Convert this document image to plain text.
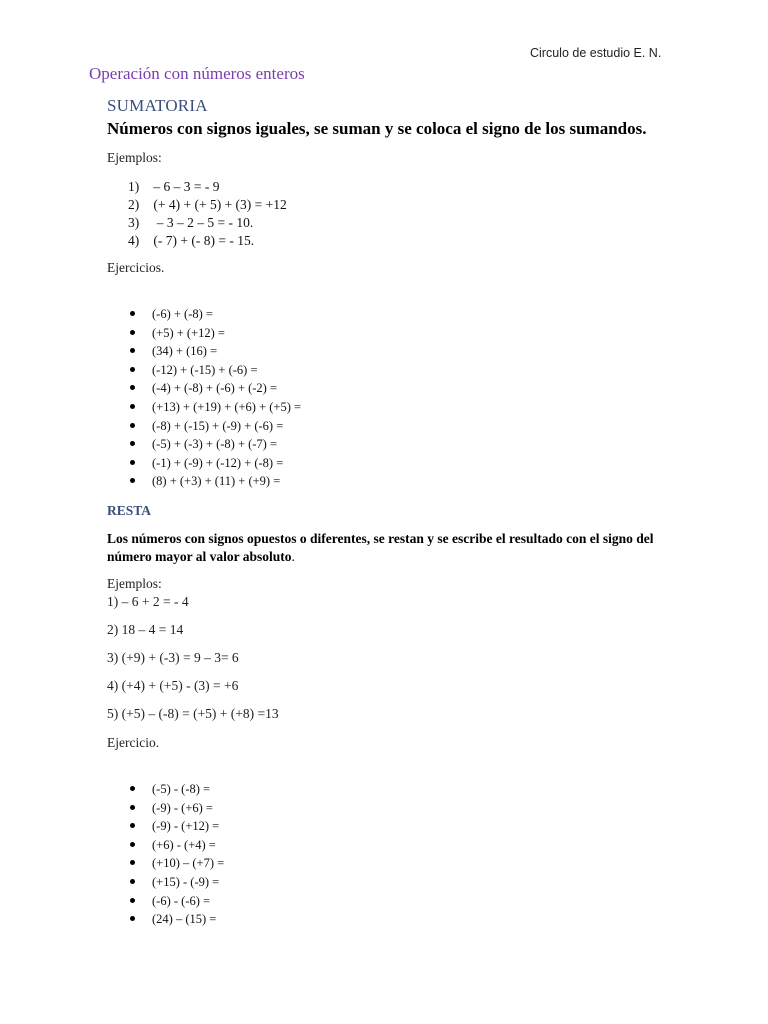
Circulo de estudio E. N.
Operación con números enteros
SUMATORIA
Números con signos iguales, se suman y se coloca el signo de los sumandos.
Ejemplos:
1) – 6 – 3 = - 9
2) (+ 4) + (+ 5) + (3) = +12
3)  – 3 – 2 – 5 = - 10.
4) (- 7) + (- 8) = - 15.
Ejercicios.
(-6) + (-8) =
(+5) + (+12) =
(34) + (16) =
(-12) + (-15) + (-6) =
(-4) + (-8) + (-6) + (-2) =
(+13) + (+19) + (+6) + (+5) =
(-8) + (-15) + (-9) + (-6) =
(-5) + (-3) + (-8) + (-7) =
(-1) + (-9) + (-12) + (-8) =
(8) + (+3) + (11) + (+9) =
RESTA
Los números con signos opuestos o diferentes, se restan y se escribe el resultado con el signo del número mayor al valor absoluto.
Ejemplos:
1) – 6 + 2 = - 4
2) 18 – 4 = 14
3) (+9) + (-3) = 9 – 3= 6
4) (+4) + (+5) - (3) = +6
5) (+5) – (-8) = (+5) + (+8) =13
Ejercicio.
(-5) - (-8) =
(-9) - (+6) =
(-9) - (+12) =
(+6) - (+4) =
(+10) – (+7) =
(+15) - (-9) =
(-6) - (-6) =
(24) – (15) =
